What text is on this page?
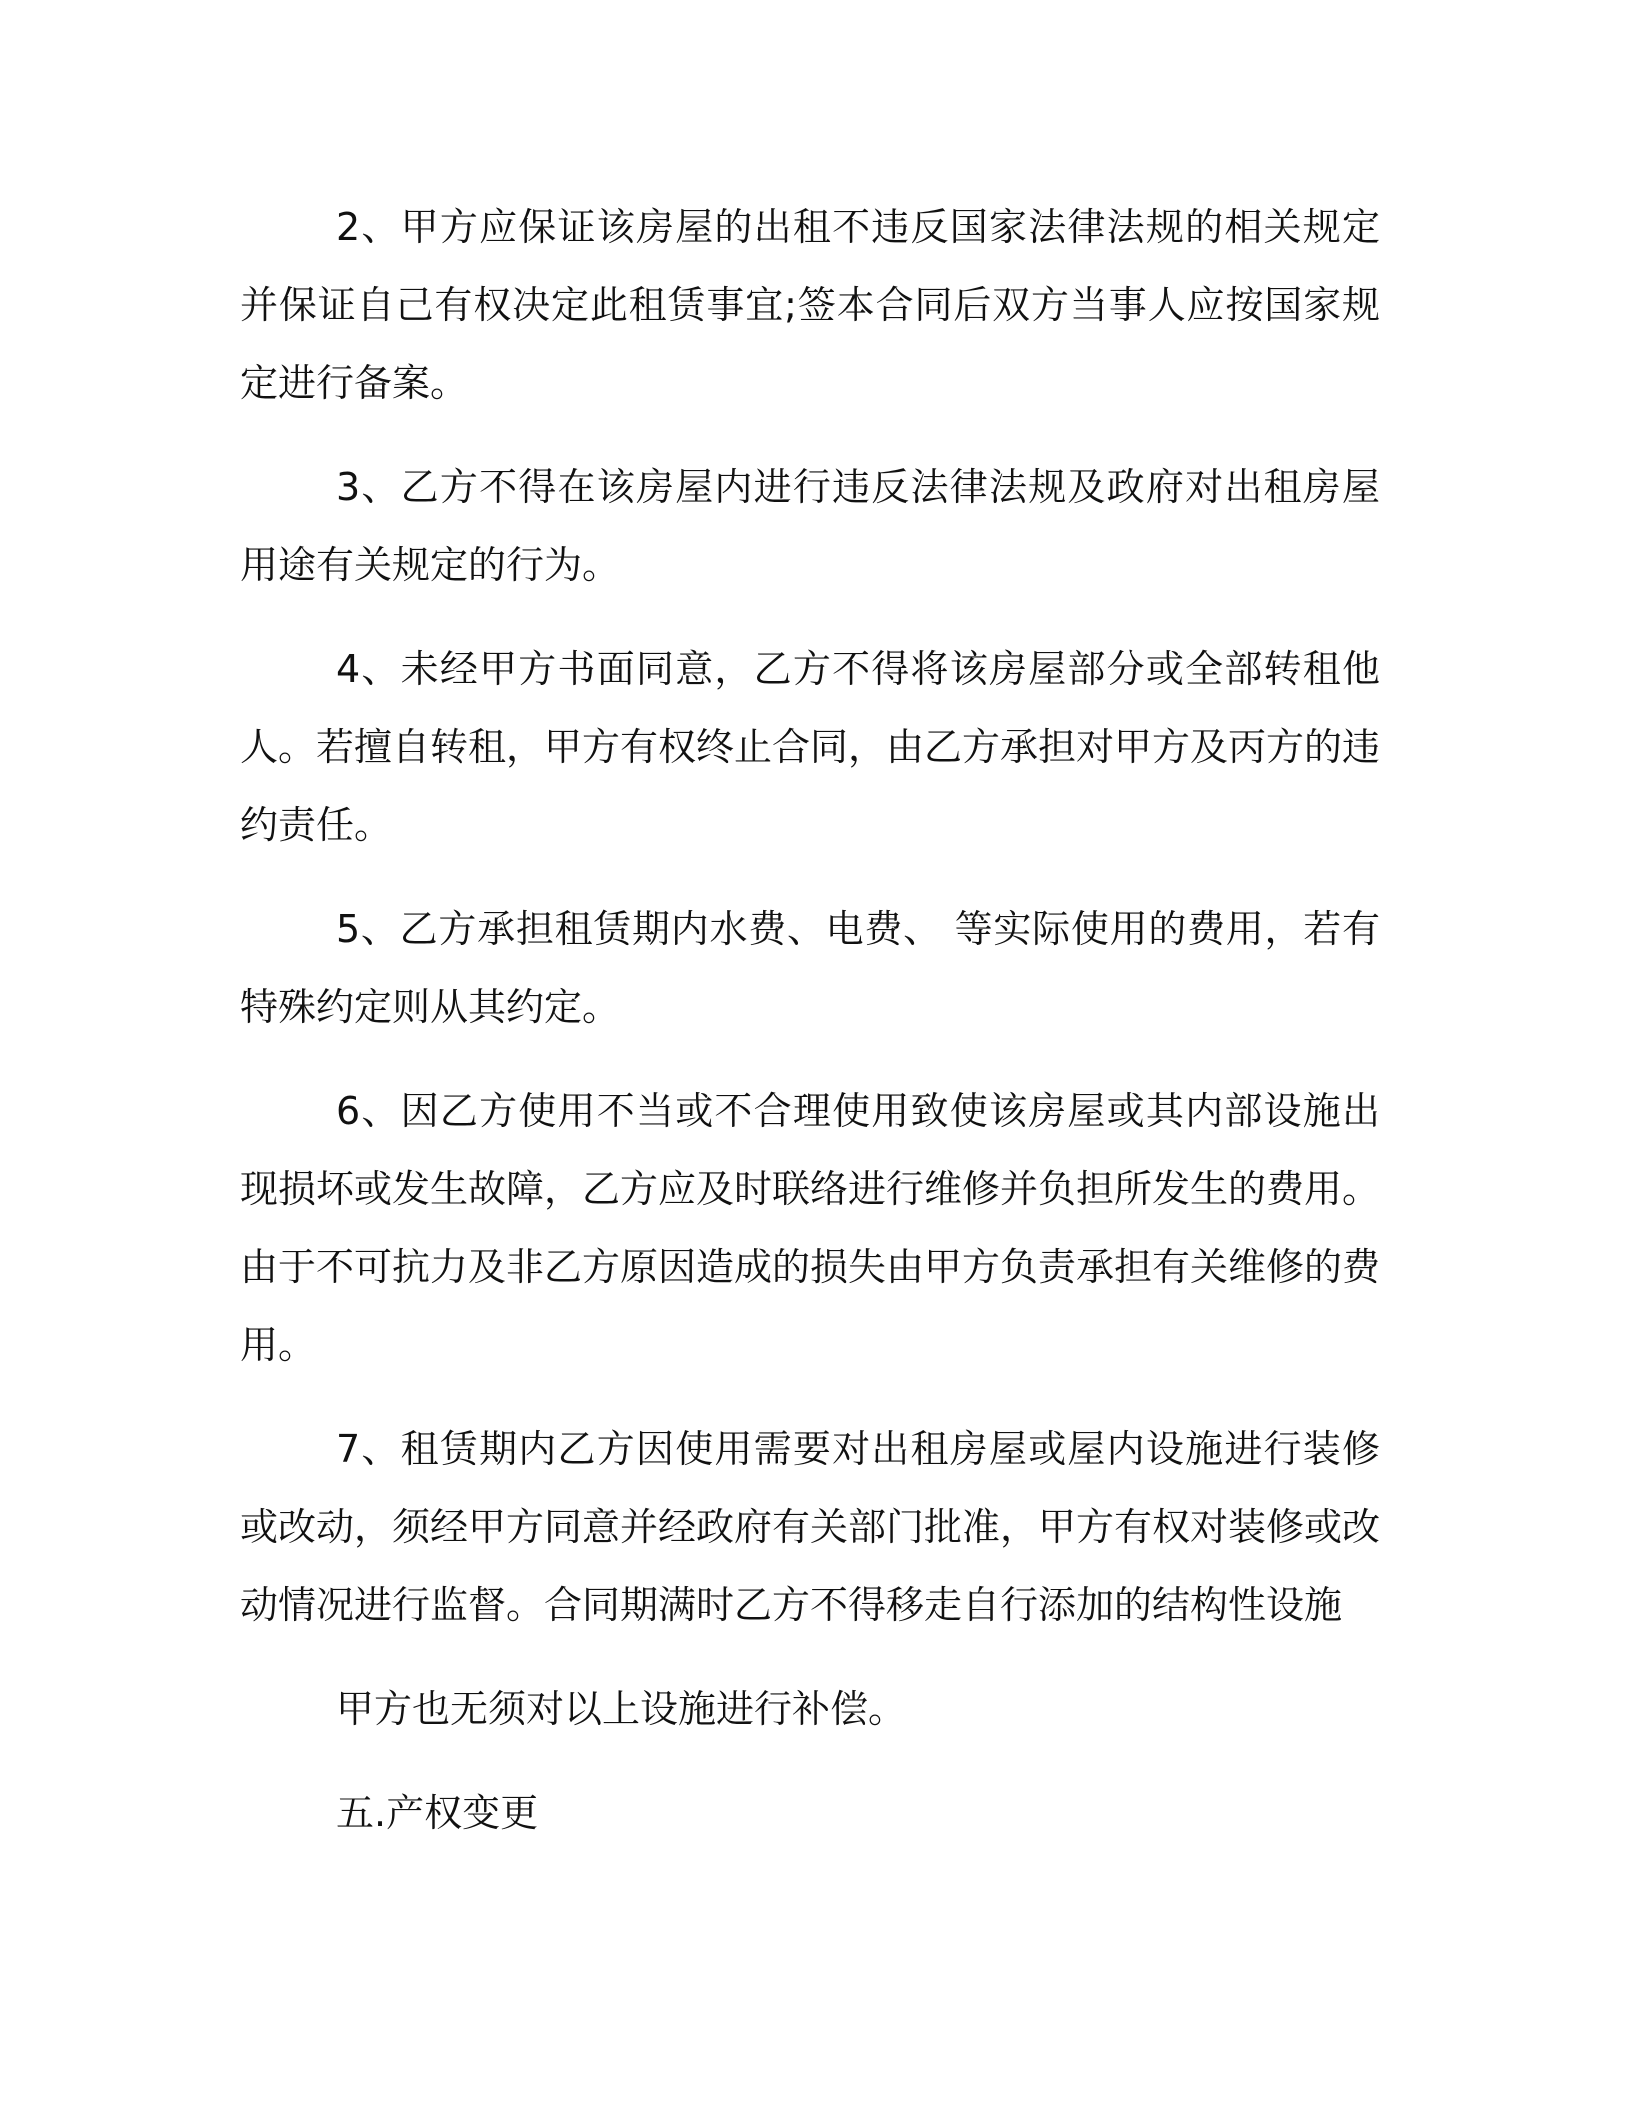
2、甲方应保证该房屋的出租不违反国家法律法规的相关规定并保证自己有权决定此租赁事宜;签本合同后双方当事人应按国家规定进行备案。

3、乙方不得在该房屋内进行违反法律法规及政府对出租房屋用途有关规定的行为。

4、未经甲方书面同意，乙方不得将该房屋部分或全部转租他人。若擅自转租，甲方有权终止合同，由乙方承担对甲方及丙方的违约责任。

5、乙方承担租赁期内水费、电费、 等实际使用的费用，若有特殊约定则从其约定。

6、因乙方使用不当或不合理使用致使该房屋或其内部设施出现损坏或发生故障，乙方应及时联络进行维修并负担所发生的费用。由于不可抗力及非乙方原因造成的损失由甲方负责承担有关维修的费用。

7、租赁期内乙方因使用需要对出租房屋或屋内设施进行装修或改动，须经甲方同意并经政府有关部门批准，甲方有权对装修或改动情况进行监督。合同期满时乙方不得移走自行添加的结构性设施

甲方也无须对以上设施进行补偿。

五.产权变更
